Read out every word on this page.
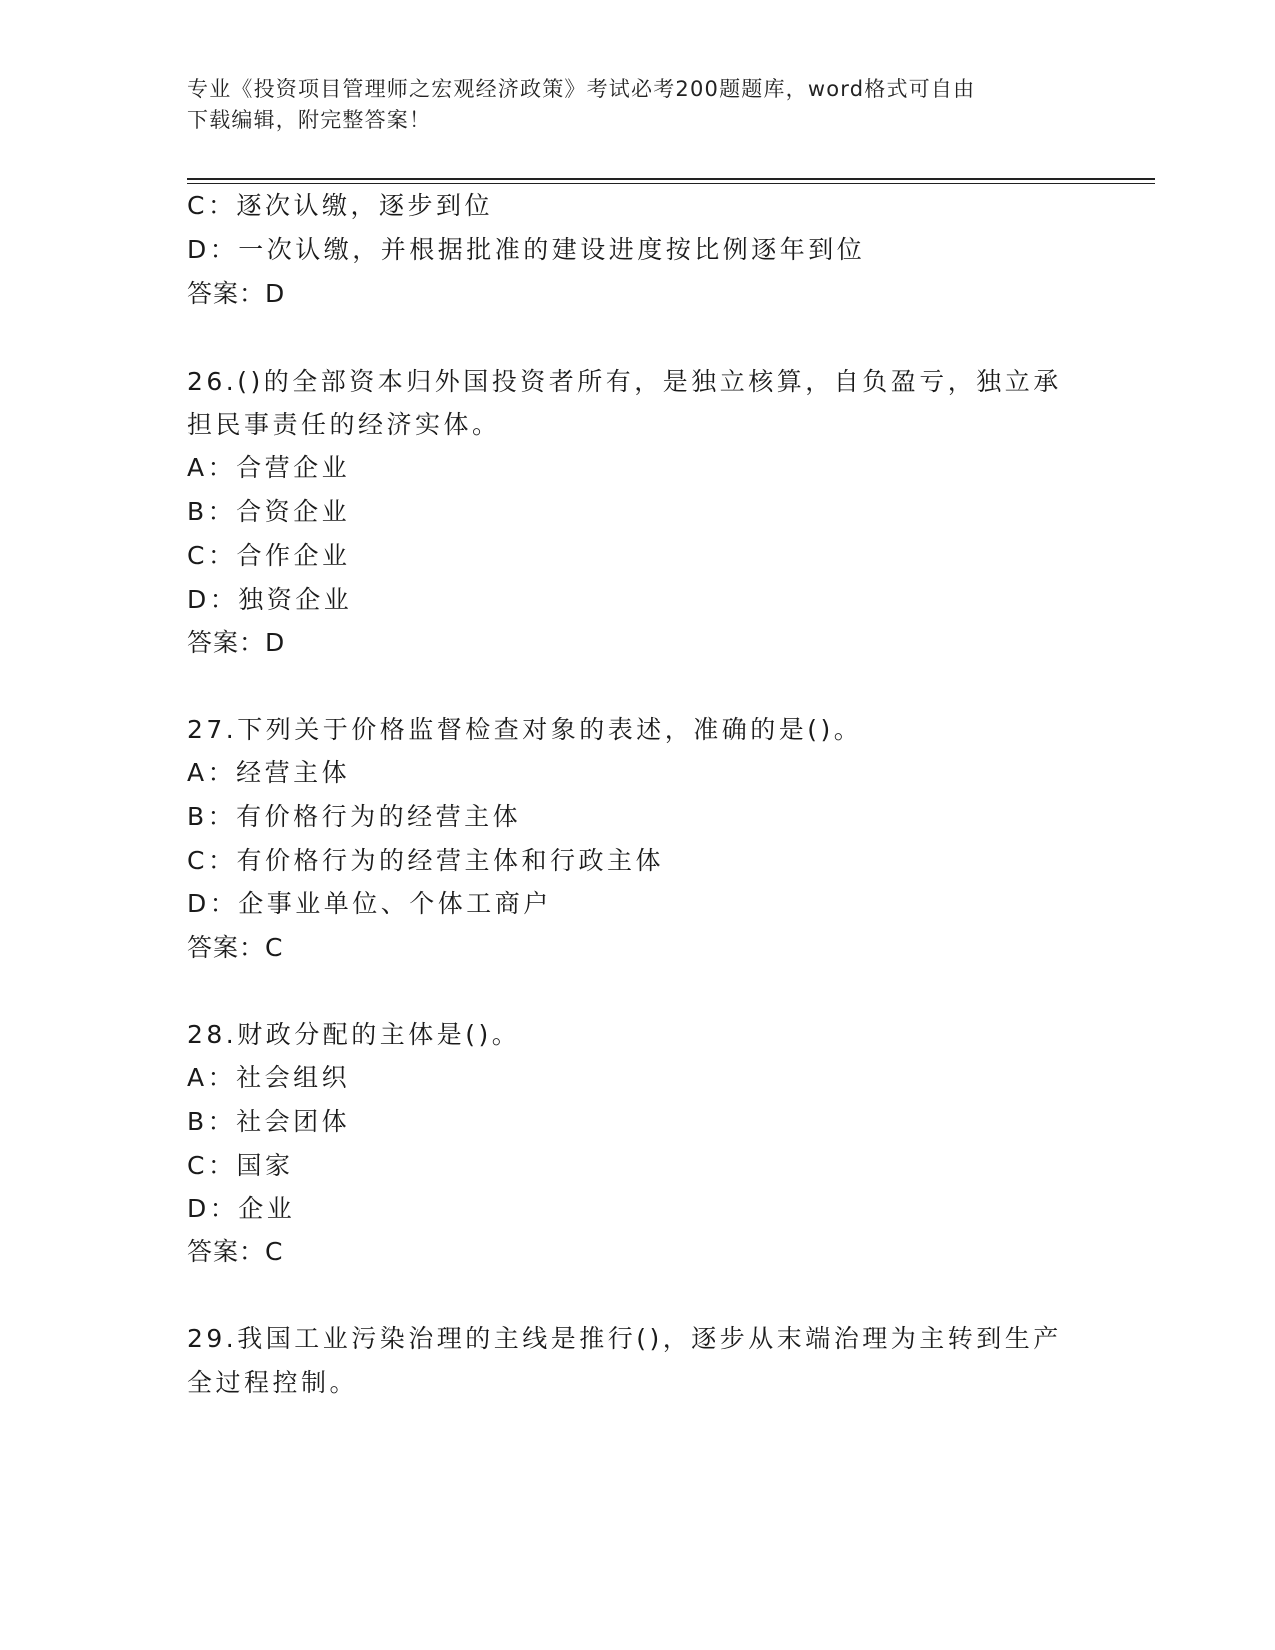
专业《投资项目管理师之宏观经济政策》考试必考200题题库，word格式可自由
下载编辑，附完整答案！
C：逐次认缴，逐步到位
D：一次认缴，并根据批准的建设进度按比例逐年到位
答案：D
26.()的全部资本归外国投资者所有，是独立核算，自负盈亏，独立承
担民事责任的经济实体。
A：合营企业
B：合资企业
C：合作企业
D：独资企业
答案：D
27.下列关于价格监督检查对象的表述，准确的是()。
A：经营主体
B：有价格行为的经营主体
C：有价格行为的经营主体和行政主体
D：企事业单位、个体工商户
答案：C
28.财政分配的主体是()。
A：社会组织
B：社会团体
C：国家
D：企业
答案：C
29.我国工业污染治理的主线是推行()，逐步从末端治理为主转到生产
全过程控制。
